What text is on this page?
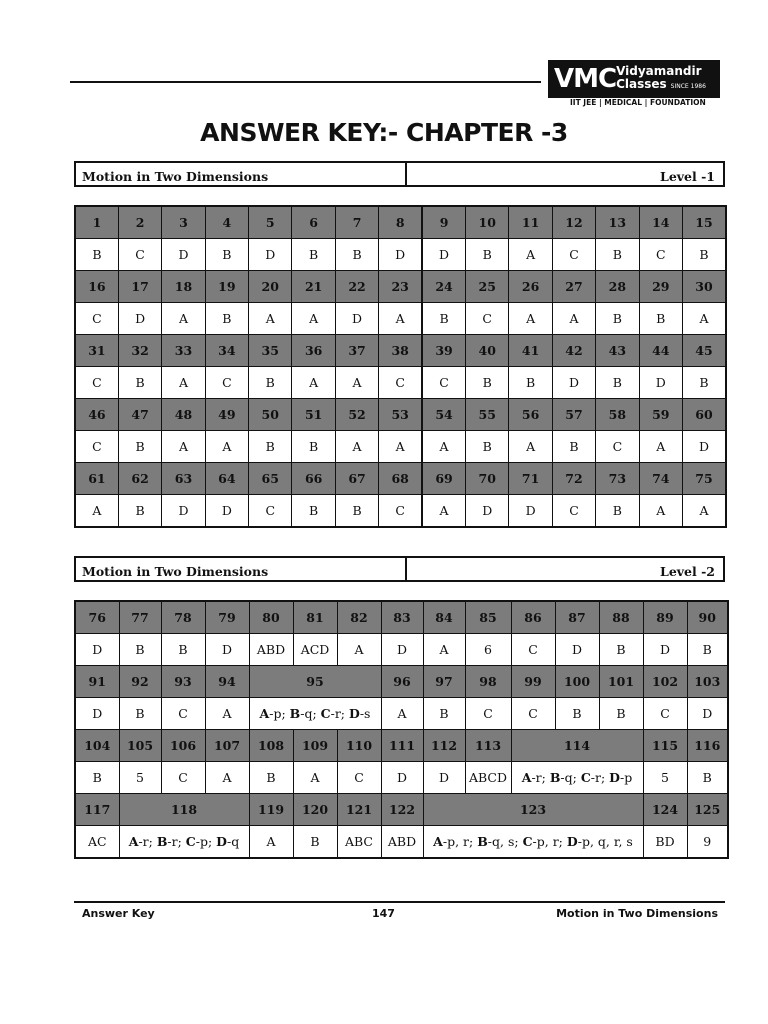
VMC Vidyamandir Classes SINCE 1986
IIT JEE | MEDICAL | FOUNDATION
ANSWER KEY:- CHAPTER -3
Motion in Two Dimensions	Level -1
1	2	3	4	5	6	7	8	9	10	11	12	13	14	15
B	C	D	B	D	B	B	D	D	B	A	C	B	C	B
16	17	18	19	20	21	22	23	24	25	26	27	28	29	30
C	D	A	B	A	A	D	A	B	C	A	A	B	B	A
31	32	33	34	35	36	37	38	39	40	41	42	43	44	45
C	B	A	C	B	A	A	C	C	B	B	D	B	D	B
46	47	48	49	50	51	52	53	54	55	56	57	58	59	60
C	B	A	A	B	B	A	A	A	B	A	B	C	A	D
61	62	63	64	65	66	67	68	69	70	71	72	73	74	75
A	B	D	D	C	B	B	C	A	D	D	C	B	A	A
Motion in Two Dimensions	Level -2
76	77	78	79	80	81	82	83	84	85	86	87	88	89	90
D	B	B	D	ABD	ACD	A	D	A	6	C	D	B	D	B
91	92	93	94	95			96	97	98	99	100	101	102	103
D	B	C	A	A-p; B-q; C-r; D-s			A	B	C	C	B	B	C	D
104	105	106	107	108	109	110	111	112	113	114			115	116
B	5	C	A	B	A	C	D	D	ABCD	A-r; B-q; C-r; D-p			5	B
117	118			119	120	121	122	123					124	125
AC	A-r; B-r; C-p; D-q			A	B	ABC	ABD	A-p, r; B-q, s; C-p, r; D-p, q, r, s					BD	9
Answer Key	147	Motion in Two Dimensions
